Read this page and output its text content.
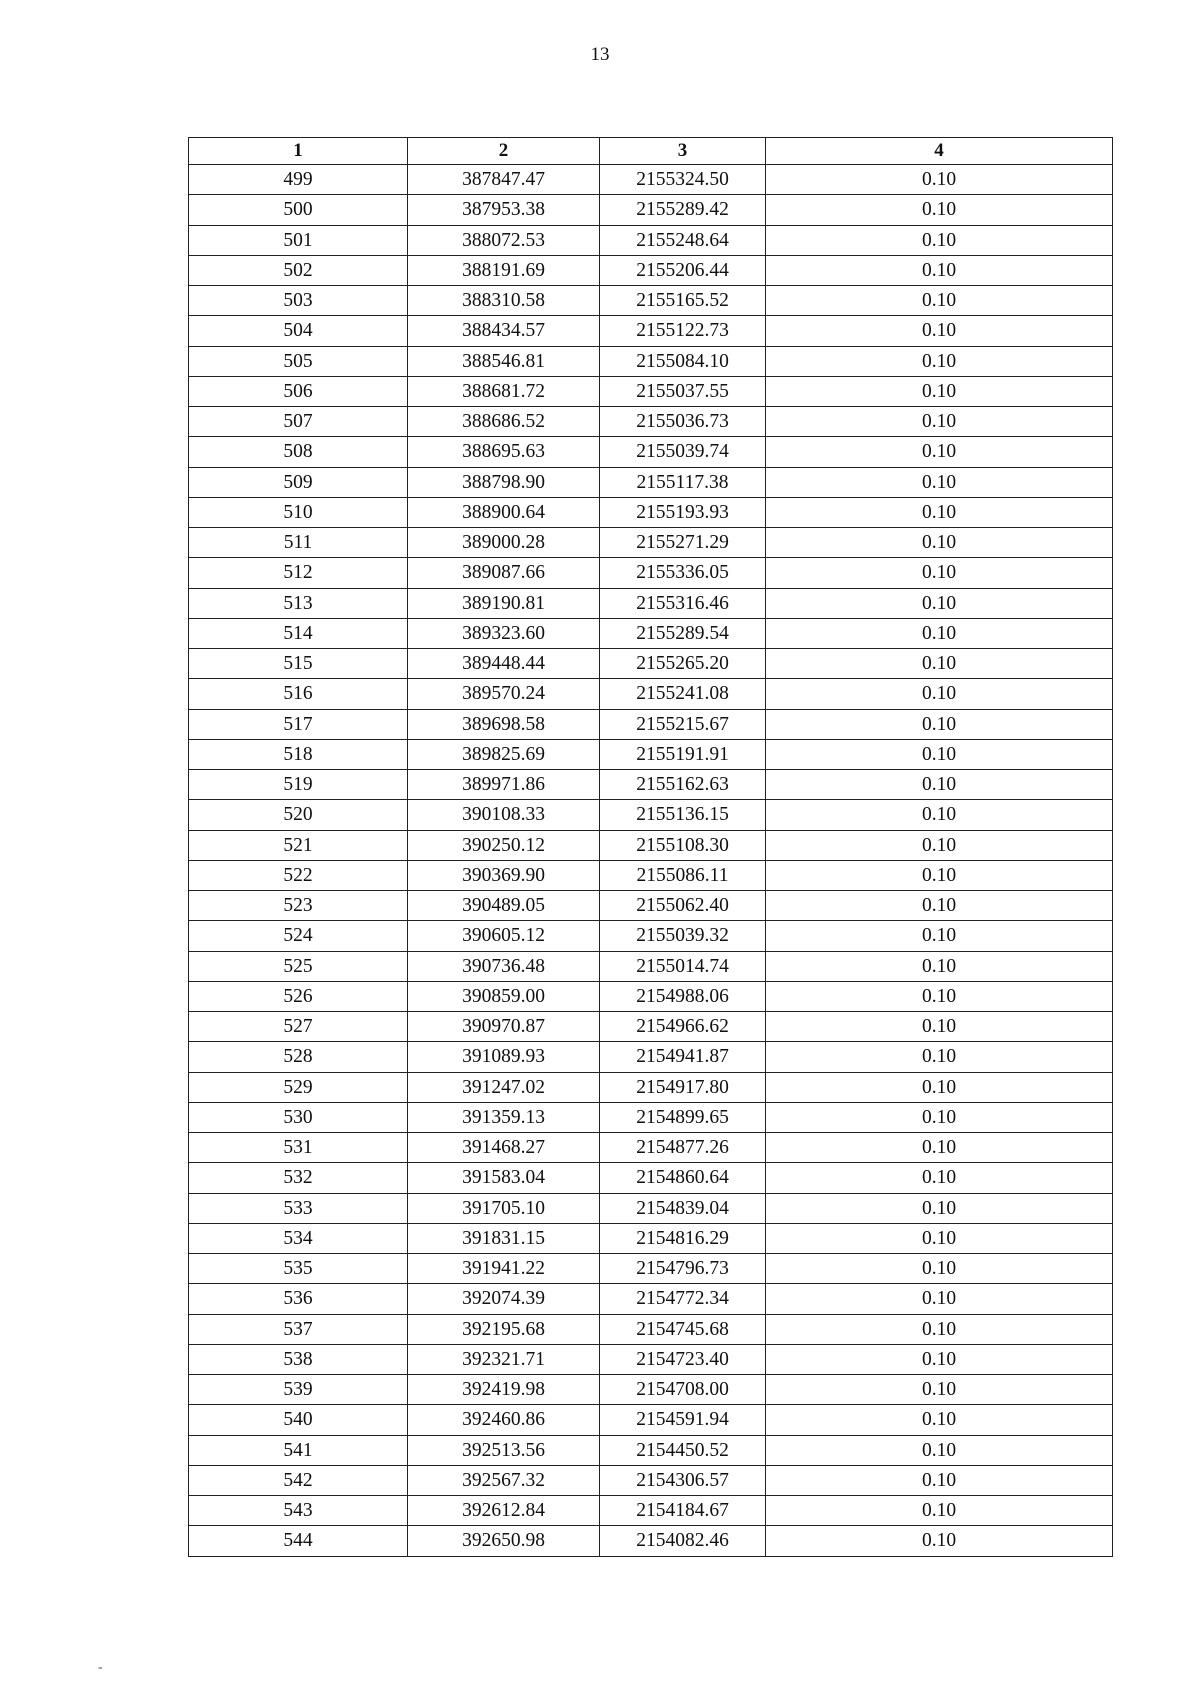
13
1	2	3	4
499	387847.47	2155324.50	0.10
500	387953.38	2155289.42	0.10
501	388072.53	2155248.64	0.10
502	388191.69	2155206.44	0.10
503	388310.58	2155165.52	0.10
504	388434.57	2155122.73	0.10
505	388546.81	2155084.10	0.10
506	388681.72	2155037.55	0.10
507	388686.52	2155036.73	0.10
508	388695.63	2155039.74	0.10
509	388798.90	2155117.38	0.10
510	388900.64	2155193.93	0.10
511	389000.28	2155271.29	0.10
512	389087.66	2155336.05	0.10
513	389190.81	2155316.46	0.10
514	389323.60	2155289.54	0.10
515	389448.44	2155265.20	0.10
516	389570.24	2155241.08	0.10
517	389698.58	2155215.67	0.10
518	389825.69	2155191.91	0.10
519	389971.86	2155162.63	0.10
520	390108.33	2155136.15	0.10
521	390250.12	2155108.30	0.10
522	390369.90	2155086.11	0.10
523	390489.05	2155062.40	0.10
524	390605.12	2155039.32	0.10
525	390736.48	2155014.74	0.10
526	390859.00	2154988.06	0.10
527	390970.87	2154966.62	0.10
528	391089.93	2154941.87	0.10
529	391247.02	2154917.80	0.10
530	391359.13	2154899.65	0.10
531	391468.27	2154877.26	0.10
532	391583.04	2154860.64	0.10
533	391705.10	2154839.04	0.10
534	391831.15	2154816.29	0.10
535	391941.22	2154796.73	0.10
536	392074.39	2154772.34	0.10
537	392195.68	2154745.68	0.10
538	392321.71	2154723.40	0.10
539	392419.98	2154708.00	0.10
540	392460.86	2154591.94	0.10
541	392513.56	2154450.52	0.10
542	392567.32	2154306.57	0.10
543	392612.84	2154184.67	0.10
544	392650.98	2154082.46	0.10
-
